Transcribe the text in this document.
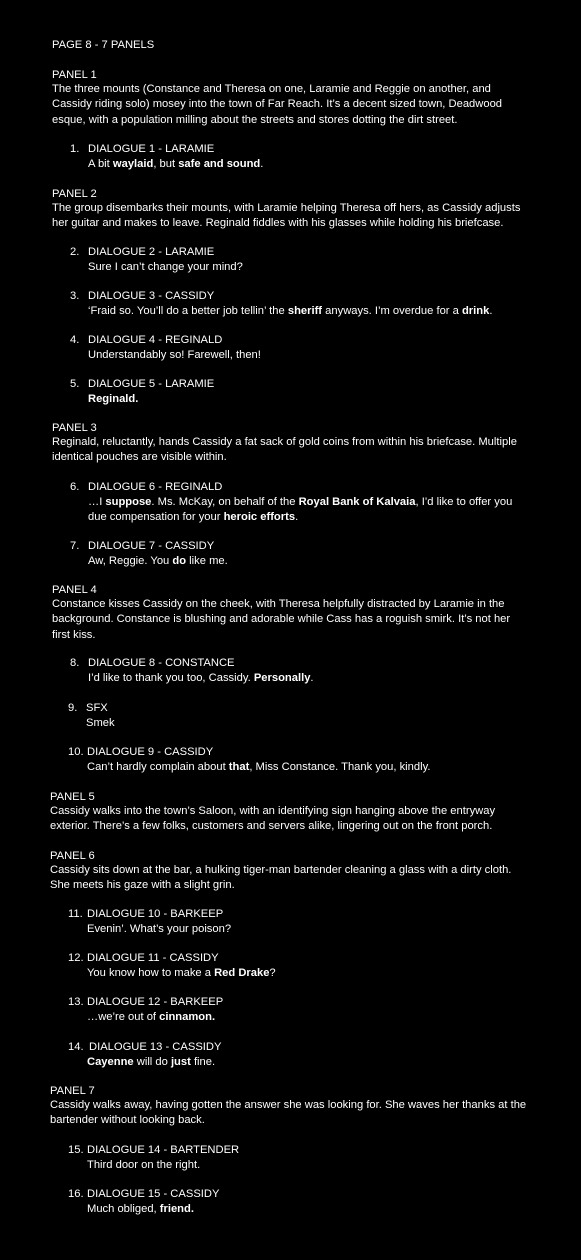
PAGE 8 - 7 PANELS
PANEL 1
The three mounts (Constance and Theresa on one, Laramie and Reggie on another, and Cassidy riding solo) mosey into the town of Far Reach. It’s a decent sized town, Deadwood esque, with a population milling about the streets and stores dotting the dirt street.
1. DIALOGUE 1 - LARAMIE
A bit waylaid, but safe and sound.
PANEL 2
The group disembarks their mounts, with Laramie helping Theresa off hers, as Cassidy adjusts her guitar and makes to leave. Reginald fiddles with his glasses while holding his briefcase.
2. DIALOGUE 2 - LARAMIE
Sure I can’t change your mind?
3. DIALOGUE 3 - CASSIDY
‘Fraid so. You’ll do a better job tellin’ the sheriff anyways. I’m overdue for a drink.
4. DIALOGUE 4 - REGINALD
Understandably so! Farewell, then!
5. DIALOGUE 5 - LARAMIE
Reginald.
PANEL 3
Reginald, reluctantly, hands Cassidy a fat sack of gold coins from within his briefcase. Multiple identical pouches are visible within.
6. DIALOGUE 6 - REGINALD
…I suppose. Ms. McKay, on behalf of the Royal Bank of Kalvaia, I’d like to offer you
due compensation for your heroic efforts.
7. DIALOGUE 7 - CASSIDY
Aw, Reggie. You do like me.
PANEL 4
Constance kisses Cassidy on the cheek, with Theresa helpfully distracted by Laramie in the background. Constance is blushing and adorable while Cass has a roguish smirk. It’s not her first kiss.
8. DIALOGUE 8 - CONSTANCE
I’d like to thank you too, Cassidy. Personally.
9. SFX
Smek
10. DIALOGUE 9 - CASSIDY
Can’t hardly complain about that, Miss Constance. Thank you, kindly.
PANEL 5
Cassidy walks into the town’s Saloon, with an identifying sign hanging above the entryway exterior. There’s a few folks, customers and servers alike, lingering out on the front porch.
PANEL 6
Cassidy sits down at the bar, a hulking tiger-man bartender cleaning a glass with a dirty cloth. She meets his gaze with a slight grin.
11. DIALOGUE 10 - BARKEEP
Evenin’. What’s your poison?
12. DIALOGUE 11 - CASSIDY
You know how to make a Red Drake?
13. DIALOGUE 12 - BARKEEP
…we’re out of cinnamon.
14. DIALOGUE 13 - CASSIDY
Cayenne will do just fine.
PANEL 7
Cassidy walks away, having gotten the answer she was looking for. She waves her thanks at the bartender without looking back.
15. DIALOGUE 14 - BARTENDER
Third door on the right.
16. DIALOGUE 15 - CASSIDY
Much obliged, friend.
